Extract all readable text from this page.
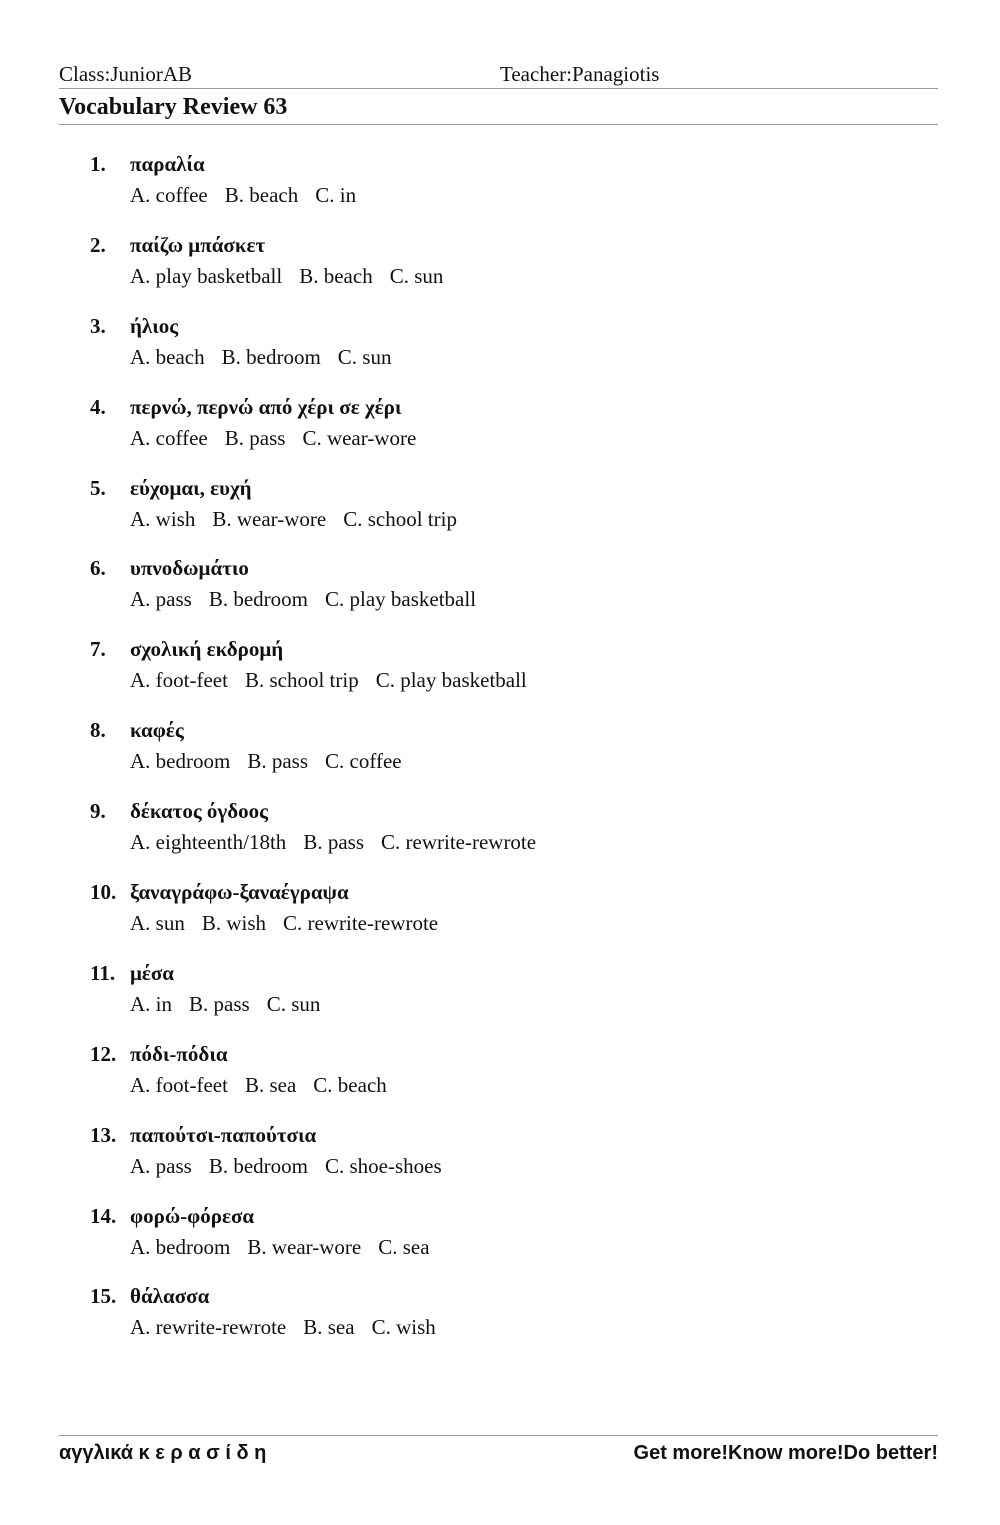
Class:JuniorAB	Teacher:Panagiotis
Vocabulary Review 63
1. παραλία
A. coffee B. beach C. in
2. παίζω μπάσκετ
A. play basketball B. beach C. sun
3. ήλιος
A. beach B. bedroom C. sun
4. περνώ, περνώ από χέρι σε χέρι
A. coffee B. pass C. wear-wore
5. εύχομαι, ευχή
A. wish B. wear-wore C. school trip
6. υπνοδωμάτιο
A. pass B. bedroom C. play basketball
7. σχολική εκδρομή
A. foot-feet B. school trip C. play basketball
8. καφές
A. bedroom B. pass C. coffee
9. δέκατος όγδοος
A. eighteenth/18th B. pass C. rewrite-rewrote
10. ξαναγράφω-ξαναέγραψα
A. sun B. wish C. rewrite-rewrote
11. μέσα
A. in B. pass C. sun
12. πόδι-πόδια
A. foot-feet B. sea C. beach
13. παπούτσι-παπούτσια
A. pass B. bedroom C. shoe-shoes
14. φορώ-φόρεσα
A. bedroom B. wear-wore C. sea
15. θάλασσα
A. rewrite-rewrote B. sea C. wish
αγγλικά κ ε ρ α σ ί δ η	Get more!Know more!Do better!
